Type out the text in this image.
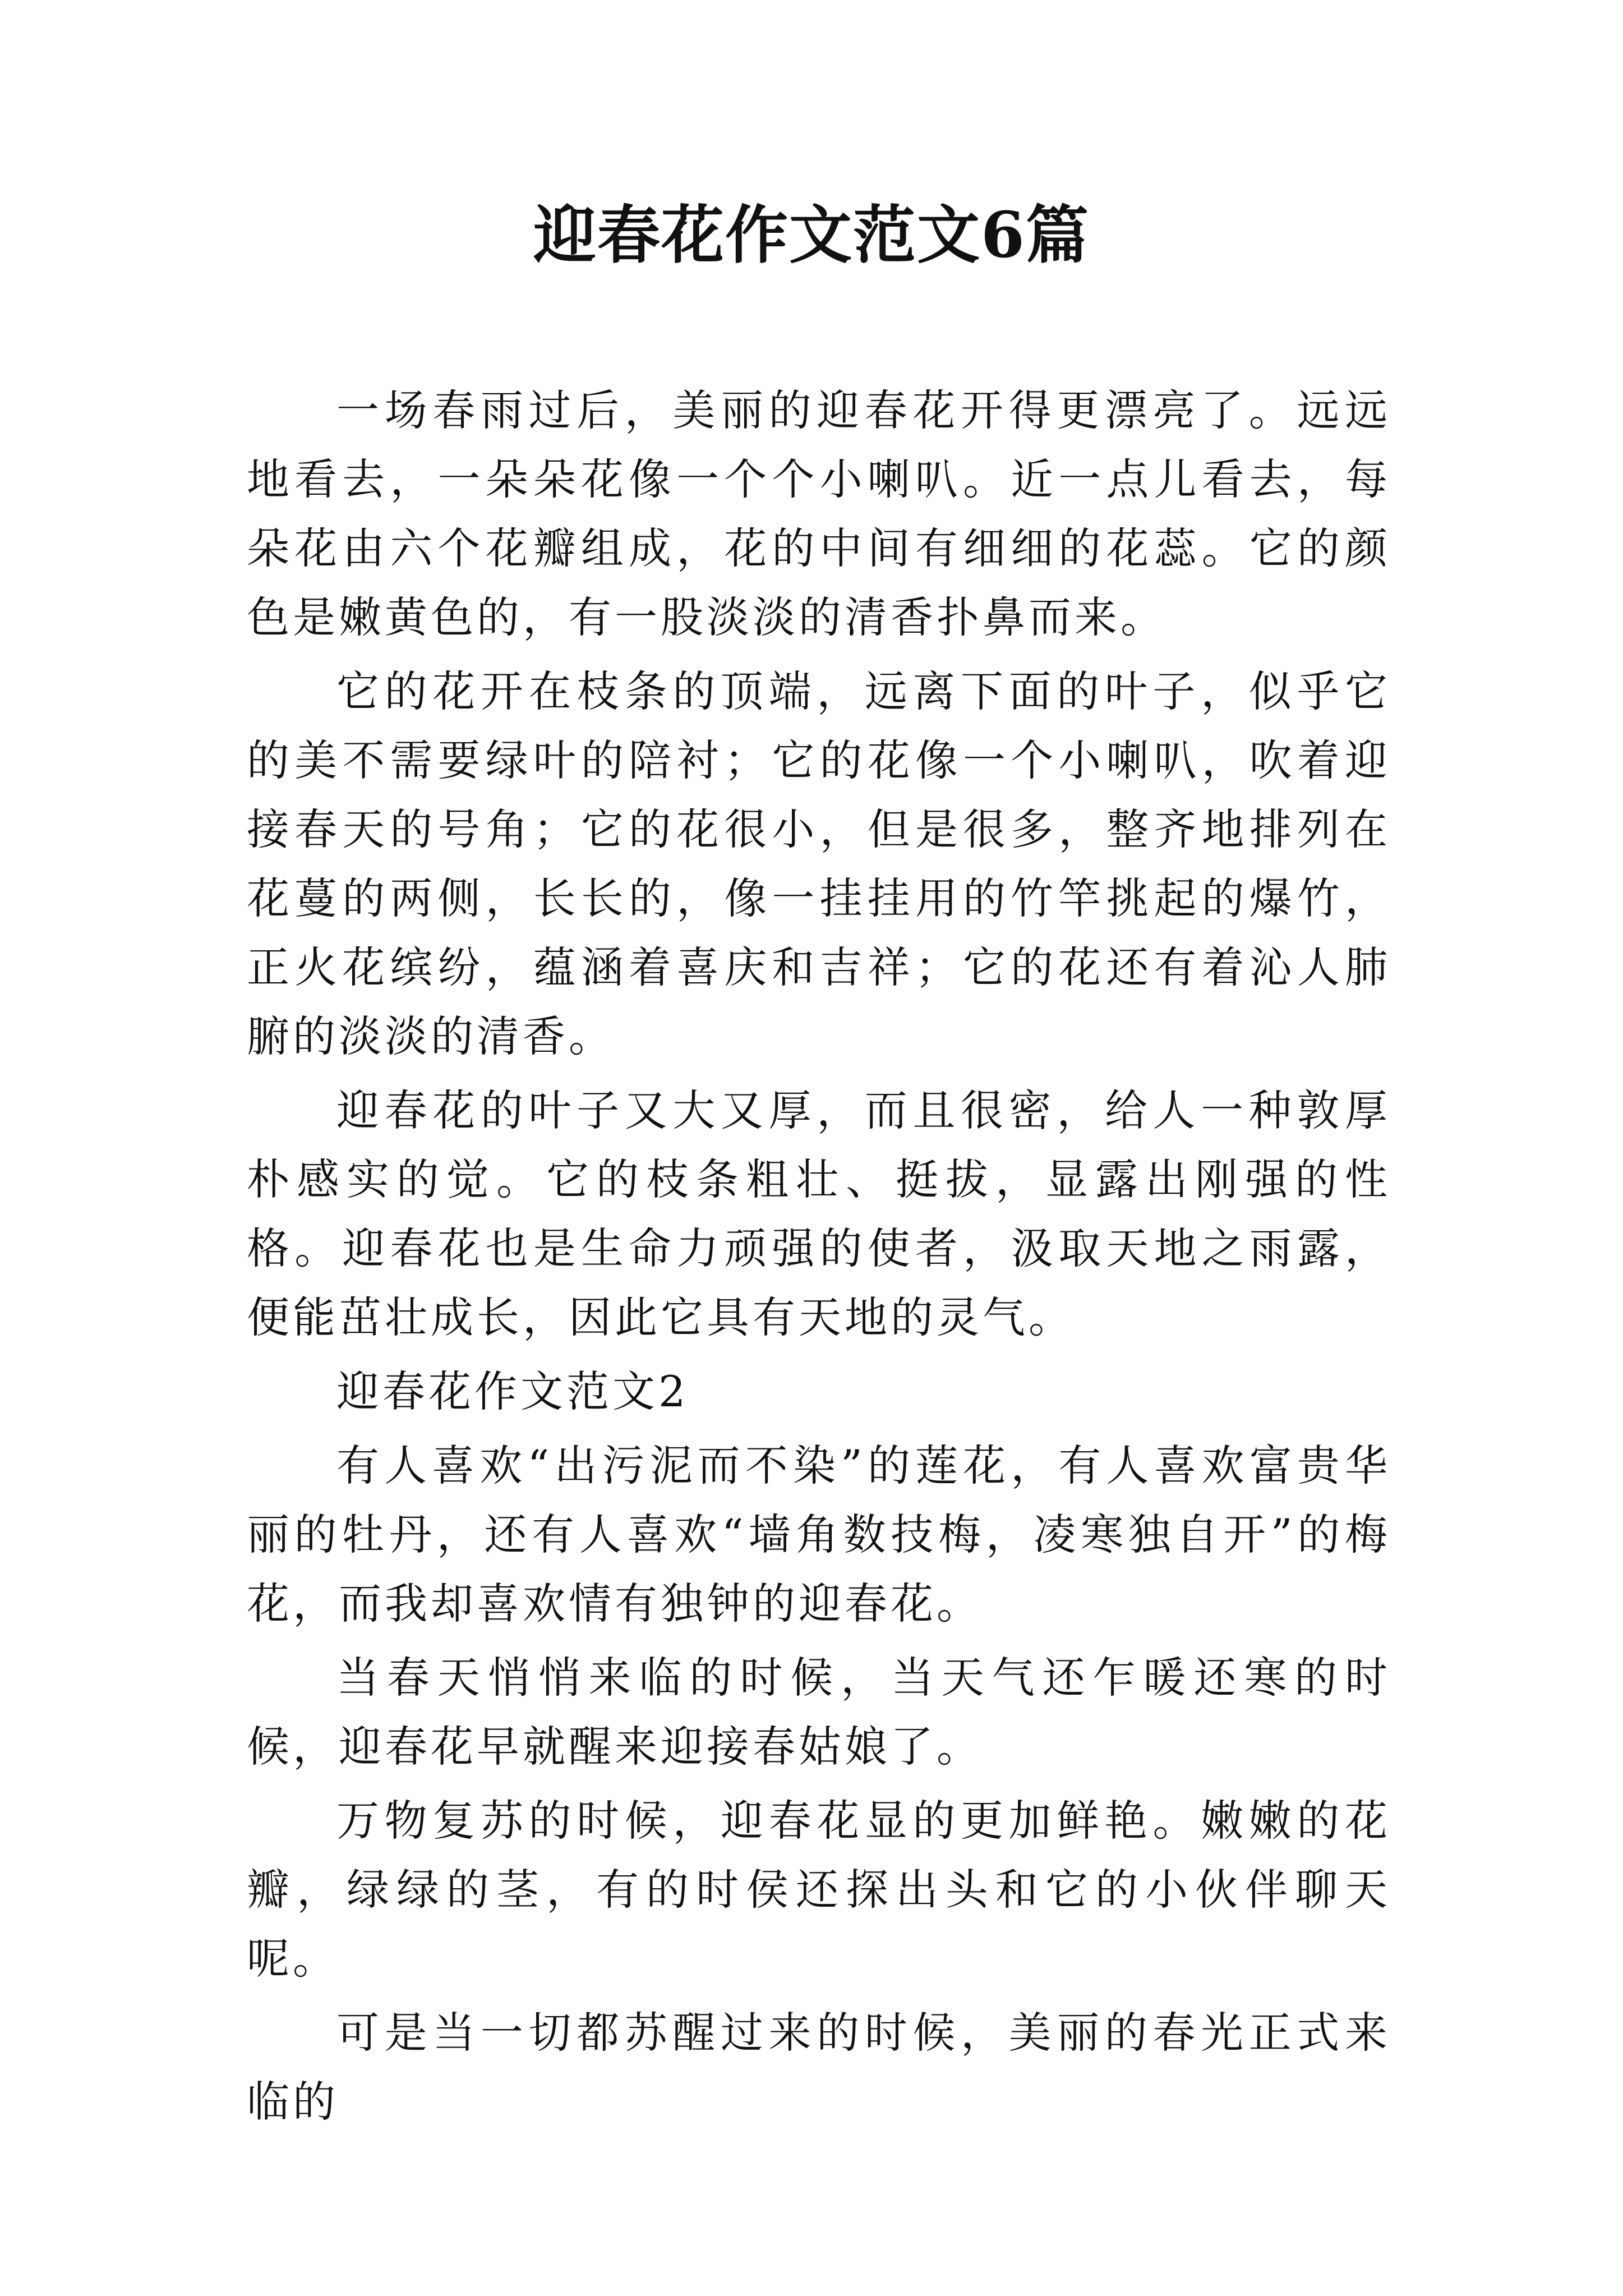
迎春花作文范文6篇

一场春雨过后，美丽的迎春花开得更漂亮了。远远地看去，一朵朵花像一个个小喇叭。近一点儿看去，每朵花由六个花瓣组成，花的中间有细细的花蕊。它的颜色是嫩黄色的，有一股淡淡的清香扑鼻而来。

它的花开在枝条的顶端，远离下面的叶子，似乎它的美不需要绿叶的陪衬；它的花像一个小喇叭，吹着迎接春天的号角；它的花很小，但是很多，整齐地排列在花蔓的两侧，长长的，像一挂挂用的竹竿挑起的爆竹，正火花缤纷，蕴涵着喜庆和吉祥；它的花还有着沁人肺腑的淡淡的清香。

迎春花的叶子又大又厚，而且很密，给人一种敦厚朴感实的觉。它的枝条粗壮、挺拔，显露出刚强的性格。迎春花也是生命力顽强的使者，汲取天地之雨露，便能茁壮成长，因此它具有天地的灵气。

迎春花作文范文2

有人喜欢“出污泥而不染”的莲花，有人喜欢富贵华丽的牡丹，还有人喜欢“墙角数技梅，凌寒独自开”的梅花，而我却喜欢情有独钟的迎春花。

当春天悄悄来临的时候，当天气还乍暖还寒的时候，迎春花早就醒来迎接春姑娘了。

万物复苏的时候，迎春花显的更加鲜艳。嫩嫩的花瓣，绿绿的茎，有的时侯还探出头和它的小伙伴聊天呢。

可是当一切都苏醒过来的时候，美丽的春光正式来临的
